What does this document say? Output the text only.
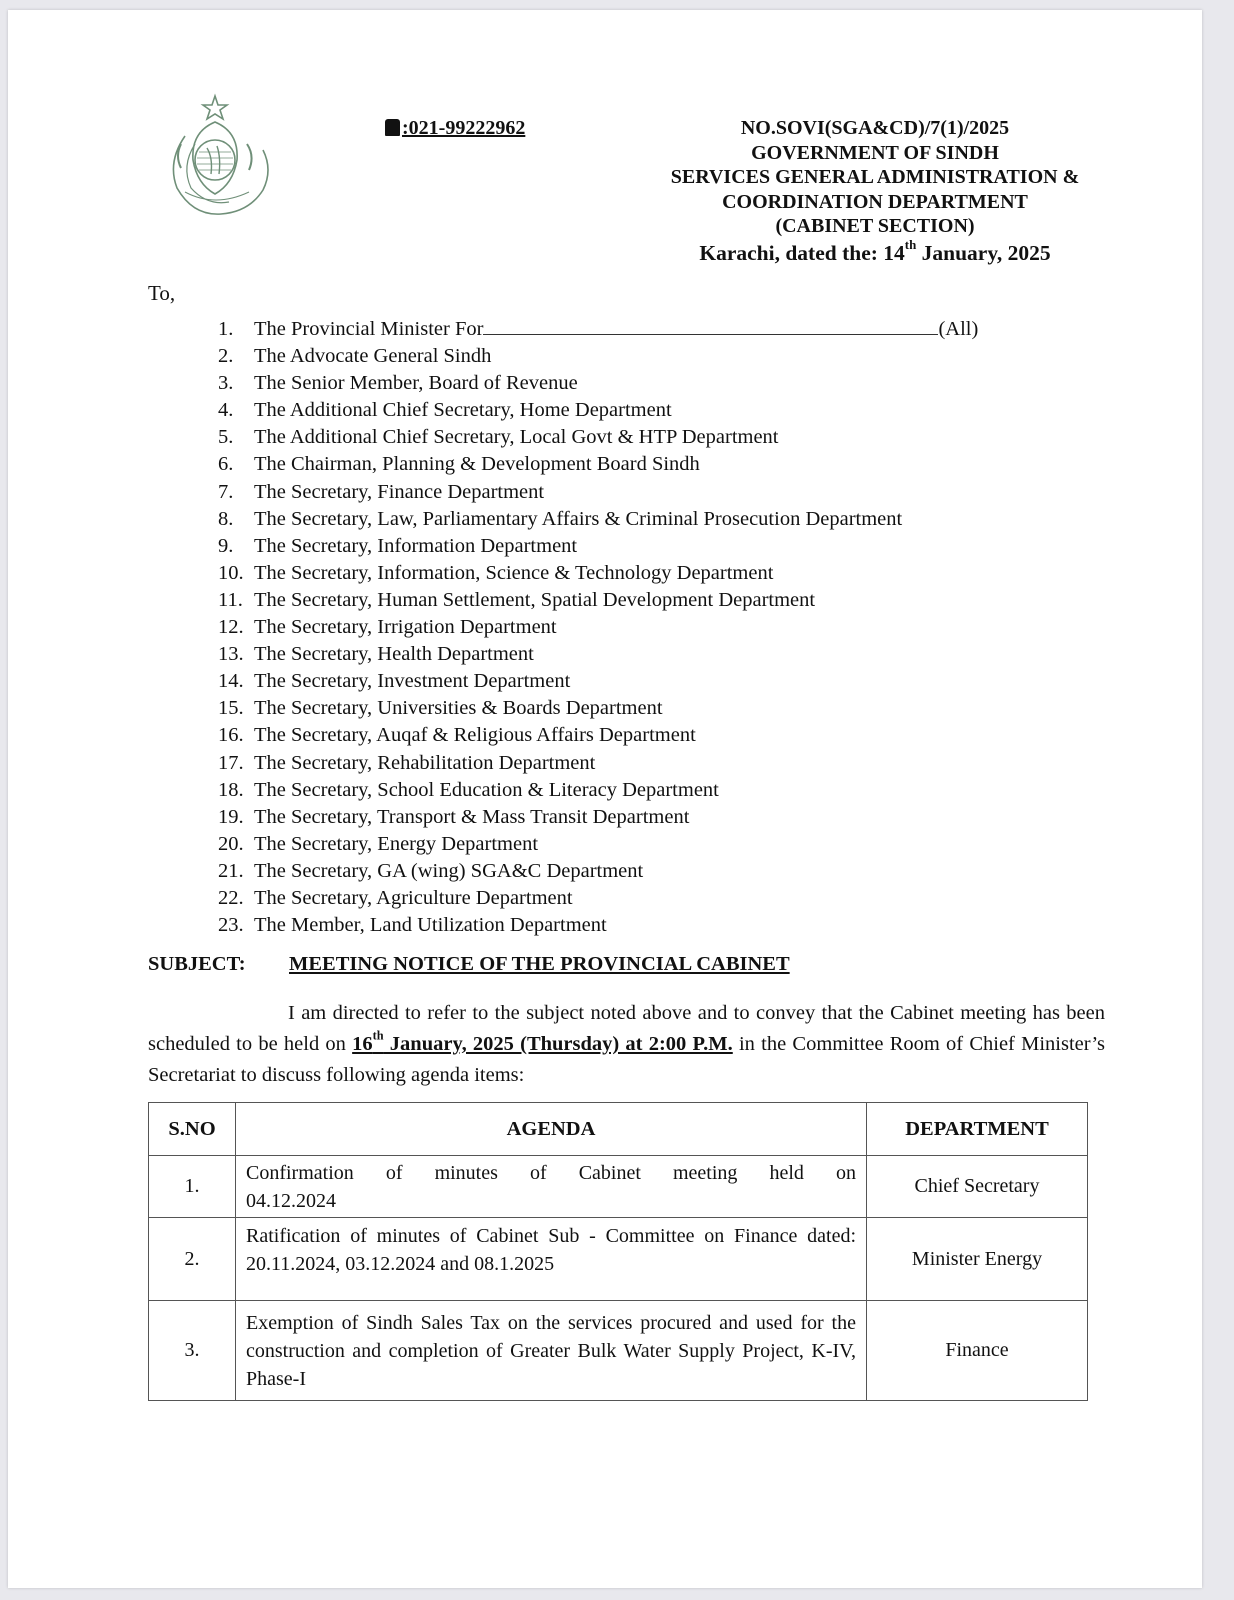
:021-99222962	NO.SOVI(SGA&CD)/7(1)/2025
GOVERNMENT OF SINDH
SERVICES GENERAL ADMINISTRATION &
COORDINATION DEPARTMENT
(CABINET SECTION)
Karachi, dated the: 14th January, 2025
To,
1. The Provincial Minister For	(All)
2. The Advocate General Sindh
3. The Senior Member, Board of Revenue
4. The Additional Chief Secretary, Home Department
5. The Additional Chief Secretary, Local Govt & HTP Department
6. The Chairman, Planning & Development Board Sindh
7. The Secretary, Finance Department
8. The Secretary, Law, Parliamentary Affairs & Criminal Prosecution Department
9. The Secretary, Information Department
10. The Secretary, Information, Science & Technology Department
11. The Secretary, Human Settlement, Spatial Development Department
12. The Secretary, Irrigation Department
13. The Secretary, Health Department
14. The Secretary, Investment Department
15. The Secretary, Universities & Boards Department
16. The Secretary, Auqaf & Religious Affairs Department
17. The Secretary, Rehabilitation Department
18. The Secretary, School Education & Literacy Department
19. The Secretary, Transport & Mass Transit Department
20. The Secretary, Energy Department
21. The Secretary, GA (wing) SGA&C Department
22. The Secretary, Agriculture Department
23. The Member, Land Utilization Department
SUBJECT: MEETING NOTICE OF THE PROVINCIAL CABINET
I am directed to refer to the subject noted above and to convey that the Cabinet meeting has been scheduled to be held on 16th January, 2025 (Thursday) at 2:00 P.M. in the Committee Room of Chief Minister’s Secretariat to discuss following agenda items:
S.NO	AGENDA	DEPARTMENT
1.	Confirmation of minutes of Cabinet meeting held on 04.12.2024	Chief Secretary
2.	Ratification of minutes of Cabinet Sub - Committee on Finance dated: 20.11.2024, 03.12.2024 and 08.1.2025	Minister Energy
3.	Exemption of Sindh Sales Tax on the services procured and used for the construction and completion of Greater Bulk Water Supply Project, K-IV, Phase-I	Finance
